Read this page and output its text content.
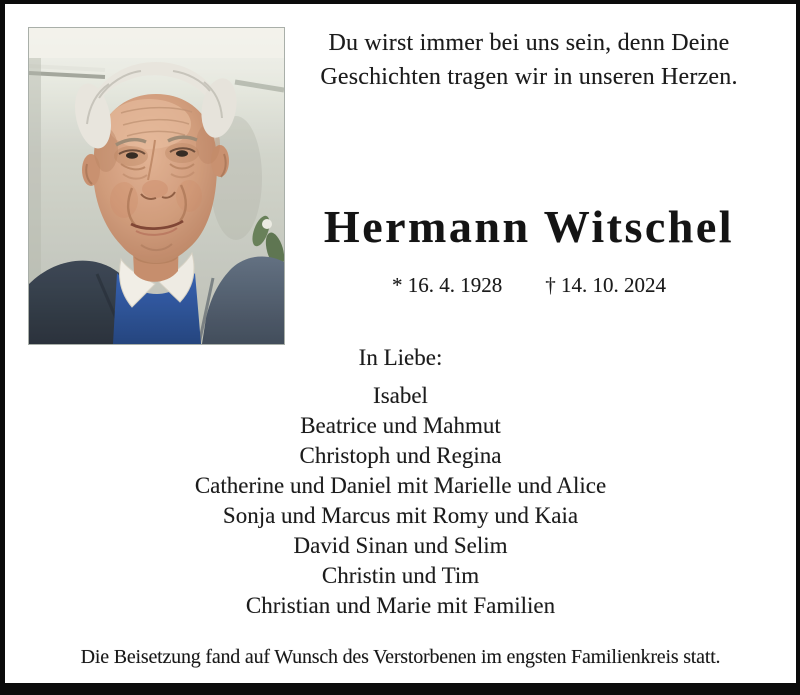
Du wirst immer bei uns sein, denn Deine
Geschichten tragen wir in unseren Herzen.
Hermann Witschel
* 16. 4. 1928 † 14. 10. 2024
In Liebe:
Isabel
Beatrice und Mahmut
Christoph und Regina
Catherine und Daniel mit Marielle und Alice
Sonja und Marcus mit Romy und Kaia
David Sinan und Selim
Christin und Tim
Christian und Marie mit Familien
Die Beisetzung fand auf Wunsch des Verstorbenen im engsten Familienkreis statt.
